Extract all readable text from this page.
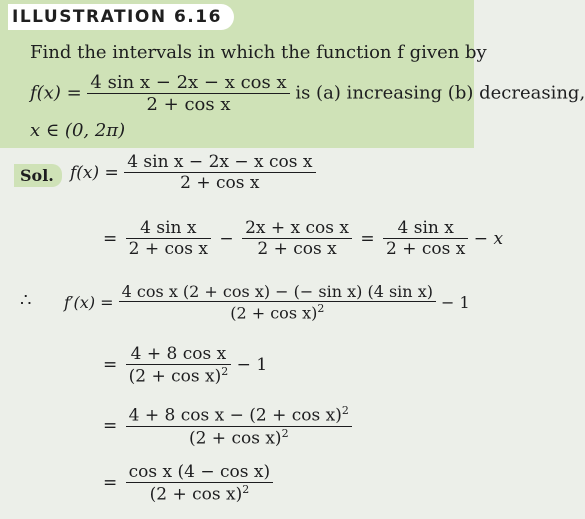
ILLUSTRATION 6.16
Find the intervals in which the function f given by
$f(x) = \frac{\text{4 sin x − 2x − x cos x}}{\text{2 + cos x}}$ is (a) increasing (b) decreasing,
x ∈ (0, 2π)
Sol. $f(x) = \frac{\text{4 sin x − 2x − x cos x}}{\text{2 + cos x}}$
= $\frac{\text{4 sin x}}{\text{2 + cos x}} - \frac{\text{2x + x cos x}}{\text{2 + cos x}} = \frac{\text{4 sin x}}{\text{2 + cos x}} - x$
∴ $f'(x) = \frac{\text{4 cos x (2 + cos x) − (− sin x) (4 sin x)}}{(2 + \cos x)^2} - 1$
= $\frac{\text{4 + 8 cos x}}{(2 + \cos x)^2} - 1$
= $\frac{4 + 8 \cos x - (2 + \cos x)^2}{(2 + \cos x)^2}$
= $\frac{\text{cos x (4 − cos x)}}{(2 + \cos x)^2}$
